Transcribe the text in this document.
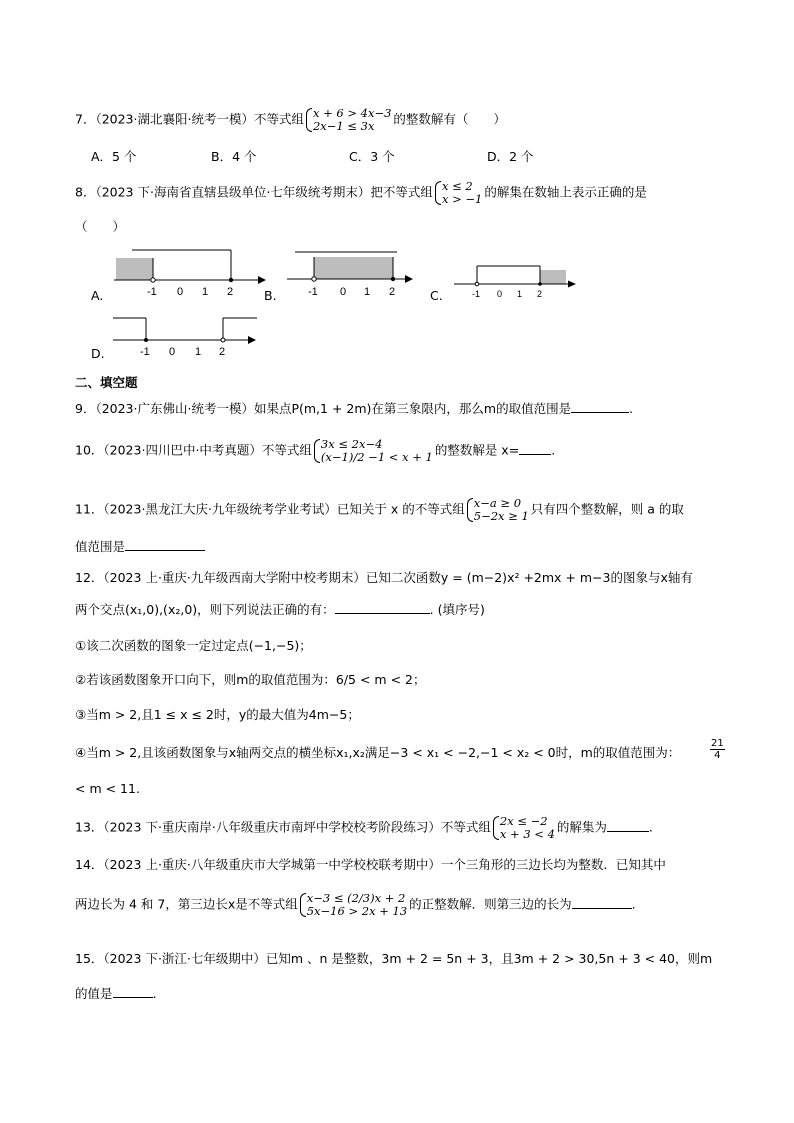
7．（2023·湖北襄阳·统考一模）不等式组 x + 6 > 4x−3
2x−1 ≤ 3x	的整数解有（　　）
A．5 个	B．4 个	C．3 个	D．2 个
8．（2023 下·海南省直辖县级单位·七年级统考期末）把不等式组 x ≤ 2
x > −1 的解集在数轴上表示正确的是
（　　）
A.	-1 0 1 2 B.	-1 0 1 2	C.	-1 0 1 2
D.	-1 0 1 2
二、填空题
9．（2023·广东佛山·统考一模）如果点P(m,1 + 2m)在第三象限内，那么m的取值范围是	.
10．（2023·四川巴中·中考真题）不等式组 3x ≤ 2x−4
(x−1)/2 −1 < x + 1 的整数解是 x=	.
11．（2023·黑龙江大庆·九年级统考学业考试）已知关于 x 的不等式组 x−a ≥ 0
5−2x ≥ 1 只有四个整数解，则 a 的取
值范围是
12．（2023 上·重庆·九年级西南大学附中校考期末）已知二次函数y = (m−2)x² +2mx + m−3的图象与x轴有
两个交点(x₁,0),(x₂,0)，则下列说法正确的有：	. (填序号)
①该二次函数的图象一定过定点(−1,−5)；
②若该函数图象开口向下，则m的取值范围为：6/5 < m < 2；
③当m > 2,且1 ≤ x ≤ 2时，y的最大值为4m−5；
④当m > 2,且该函数图象与x轴两交点的横坐标x₁,x₂满足−3 < x₁ < −2,−1 < x₂ < 0时，m的取值范围为：
21
4
< m < 11.
13．（2023 下·重庆南岸·八年级重庆市南坪中学校校考阶段练习）不等式组 2x ≤ −2
x + 3 < 4 的解集为	.
14．（2023 上·重庆·八年级重庆市大学城第一中学校校联考期中）一个三角形的三边长均为整数．已知其中
两边长为 4 和 7，第三边长x是不等式组 x−3 ≤ (2/3)x + 2
5x−16 > 2x + 13 的正整数解．则第三边的长为	.
15．（2023 下·浙江·七年级期中）已知m 、n 是整数，3m + 2 = 5n + 3，且3m + 2 > 30,5n + 3 < 40，则m
的值是	.
